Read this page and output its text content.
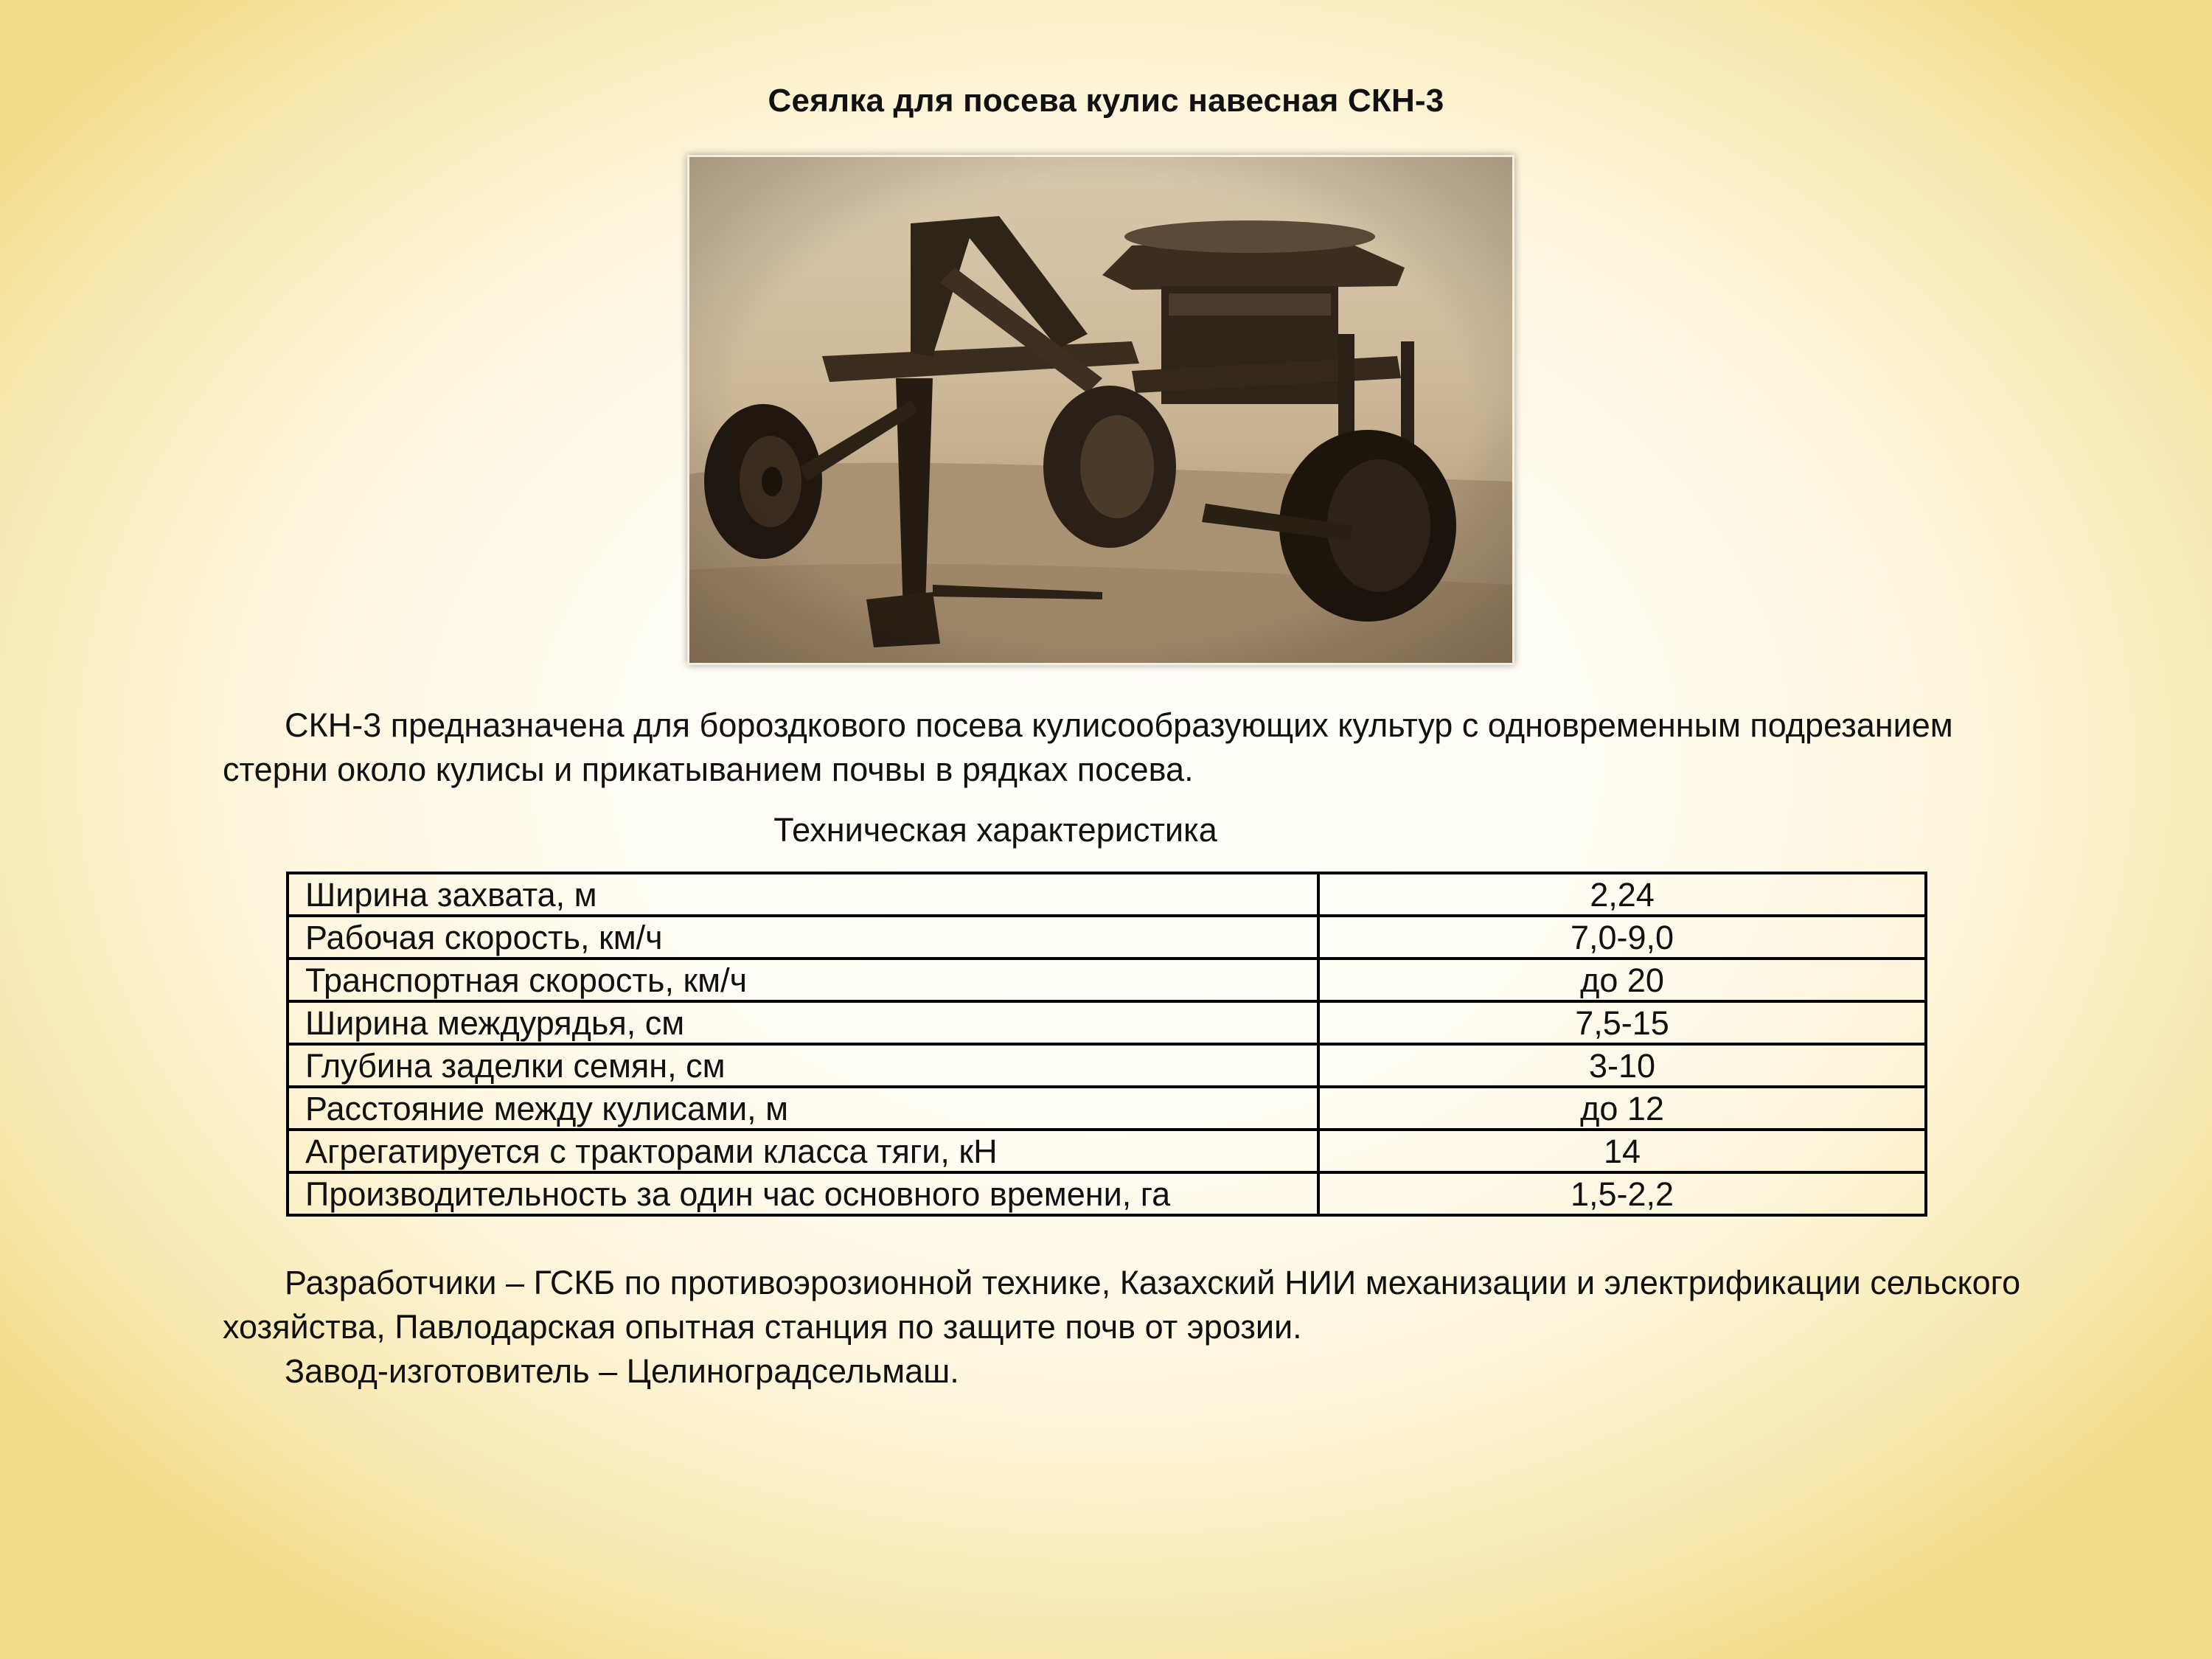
Сеялка для посева кулис навесная СКН-3
СКН-3 предназначена для бороздкового посева кулисообразующих культур с одновременным подрезанием стерни около кулисы и прикатыванием почвы в рядках посева.
Техническая характеристика
Ширина захвата, м	2,24
Рабочая скорость, км/ч	7,0-9,0
Транспортная скорость, км/ч	до 20
Ширина междурядья, см	7,5-15
Глубина заделки семян, см	3-10
Расстояние между кулисами, м	до 12
Агрегатируется с тракторами класса тяги, кН	14
Производительность за один час основного времени, га	1,5-2,2
Разработчики – ГСКБ по противоэрозионной технике, Казахский НИИ механизации и электрификации сельского хозяйства, Павлодарская опытная станция по защите почв от эрозии.
Завод-изготовитель – Целиноградсельмаш.
